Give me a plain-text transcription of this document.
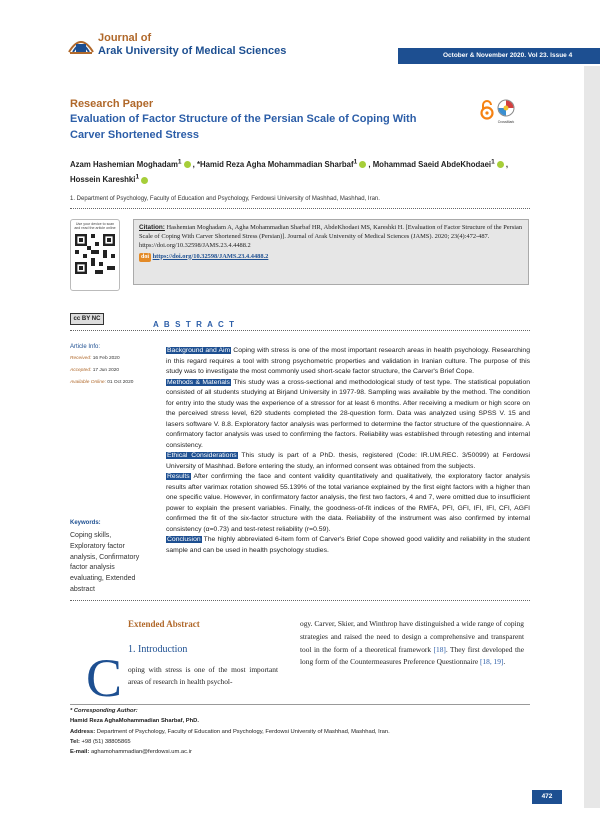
Journal of
Arak University of Medical Sciences	October & November 2020. Vol 23. Issue 4
Research Paper
Evaluation of Factor Structure of the Persian Scale of Coping With Carver Shortened Stress
CrossMark
Azam Hashemian Moghadam$^1$ , *Hamid Reza Agha Mohammadian Sharbaf$^1$ , Mohammad Saeid AbdeKhodaei$^1$ ,
Hossein Kareshki$^1$
1. Department of Psychology, Faculty of Education and Psychology, Ferdowsi University of Mashhad, Mashhad, Iran.
Use your device to scan and read the article online	Citation: Hashemian Moghadam A, Agha Mohammadian Sharbaf HR, AbdeKhodaei MS, Kareshki H. [Evaluation of Factor Structure of the Persian Scale of Coping With Carver Shortened Stress (Persian)]. Journal of Arak University of Medical Sciences (JAMS). 2020; 23(4):472-487. https://doi.org/10.32598/JAMS.23.4.4488.2
doi https://doi.org/10.32598/JAMS.23.4.4488.2
cc BY NC
A B S T R A C T
Article Info:
Received: 16 Feb 2020
Accepted: 17 Jun 2020
Available Online: 01 Oct 2020
Keywords:
Coping skills, Exploratory factor analysis, Confirmatory factor analysis evaluating, Extended abstract
Background and Aim Coping with stress is one of the most important research areas in health psychology. Researching in this regard requires a tool with strong psychometric properties and validation in Iranian culture. The purpose of this study was to investigate the most commonly used short-scale factor structure, the Carver's Brief Cope.
Methods & Materials This study was a cross-sectional and methodological study of test type. The statistical population consisted of all students studying at Birjand University in 1977-98. Sampling was available by the method. The condition for entry into the study was the experience of a stressor for at least 6 months. After receiving a medium or high score on the perceived stress level, 629 students completed the 28-question form. Data was analyzed using SPSS V. 15 and lasers software V. 8.8. Exploratory factor analysis was performed to determine the factor structure of the questionnaire. A confirmatory factor analysis was used to confirming the factors. Reliability was established through retesting and internal consistency.
Ethical Considerations This study is part of a PhD. thesis, registered (Code: IR.UM.REC. 3/50099) at Ferdowsi University of Mashhad. Before entering the study, an informed consent was obtained from the subjects.
Results After confirming the face and content validity quantitatively and qualitatively, the exploratory factor analysis results after varimax rotation showed 55.139% of the total variance explained by the first eight factors with a higher than one specific value. However, in confirmatory factor analysis, the first two factors, 4 and 7, were omitted due to insufficient power to explain the present variables. Finally, the goodness-of-fit indices of the RMFA, PFI, GFI, IFI, IFI, CFI, AGFI confirmed the fit of the six-factor structure with the data. Reliability of the instrument was also confirmed by internal consistency (α=0.73) and test-retest reliability (r=0.59).
Conclusion The highly abbreviated 6-item form of Carver's Brief Cope showed good validity and reliability in the student sample and can be used in health psychology studies.
Extended Abstract
1. Introduction
C oping with stress is one of the most important areas of research in health psychol-
ogy. Carver, Skier, and Winthrop have distinguished a wide range of coping strategies and raised the need to design a comprehensive and transparent tool in the form of a theoretical framework [18]. They first developed the long form of the Countermeasures Preference Questionnaire [18, 19].
* Corresponding Author:
Hamid Reza AghaMohammadian Sharbaf, PhD.
Address: Department of Psychology, Faculty of Education and Psychology, Ferdowsi University of Mashhad, Mashhad, Iran.
Tel: +98 (51) 38805865
E-mail: aghamohammadian@ferdowsi.um.ac.ir
472
